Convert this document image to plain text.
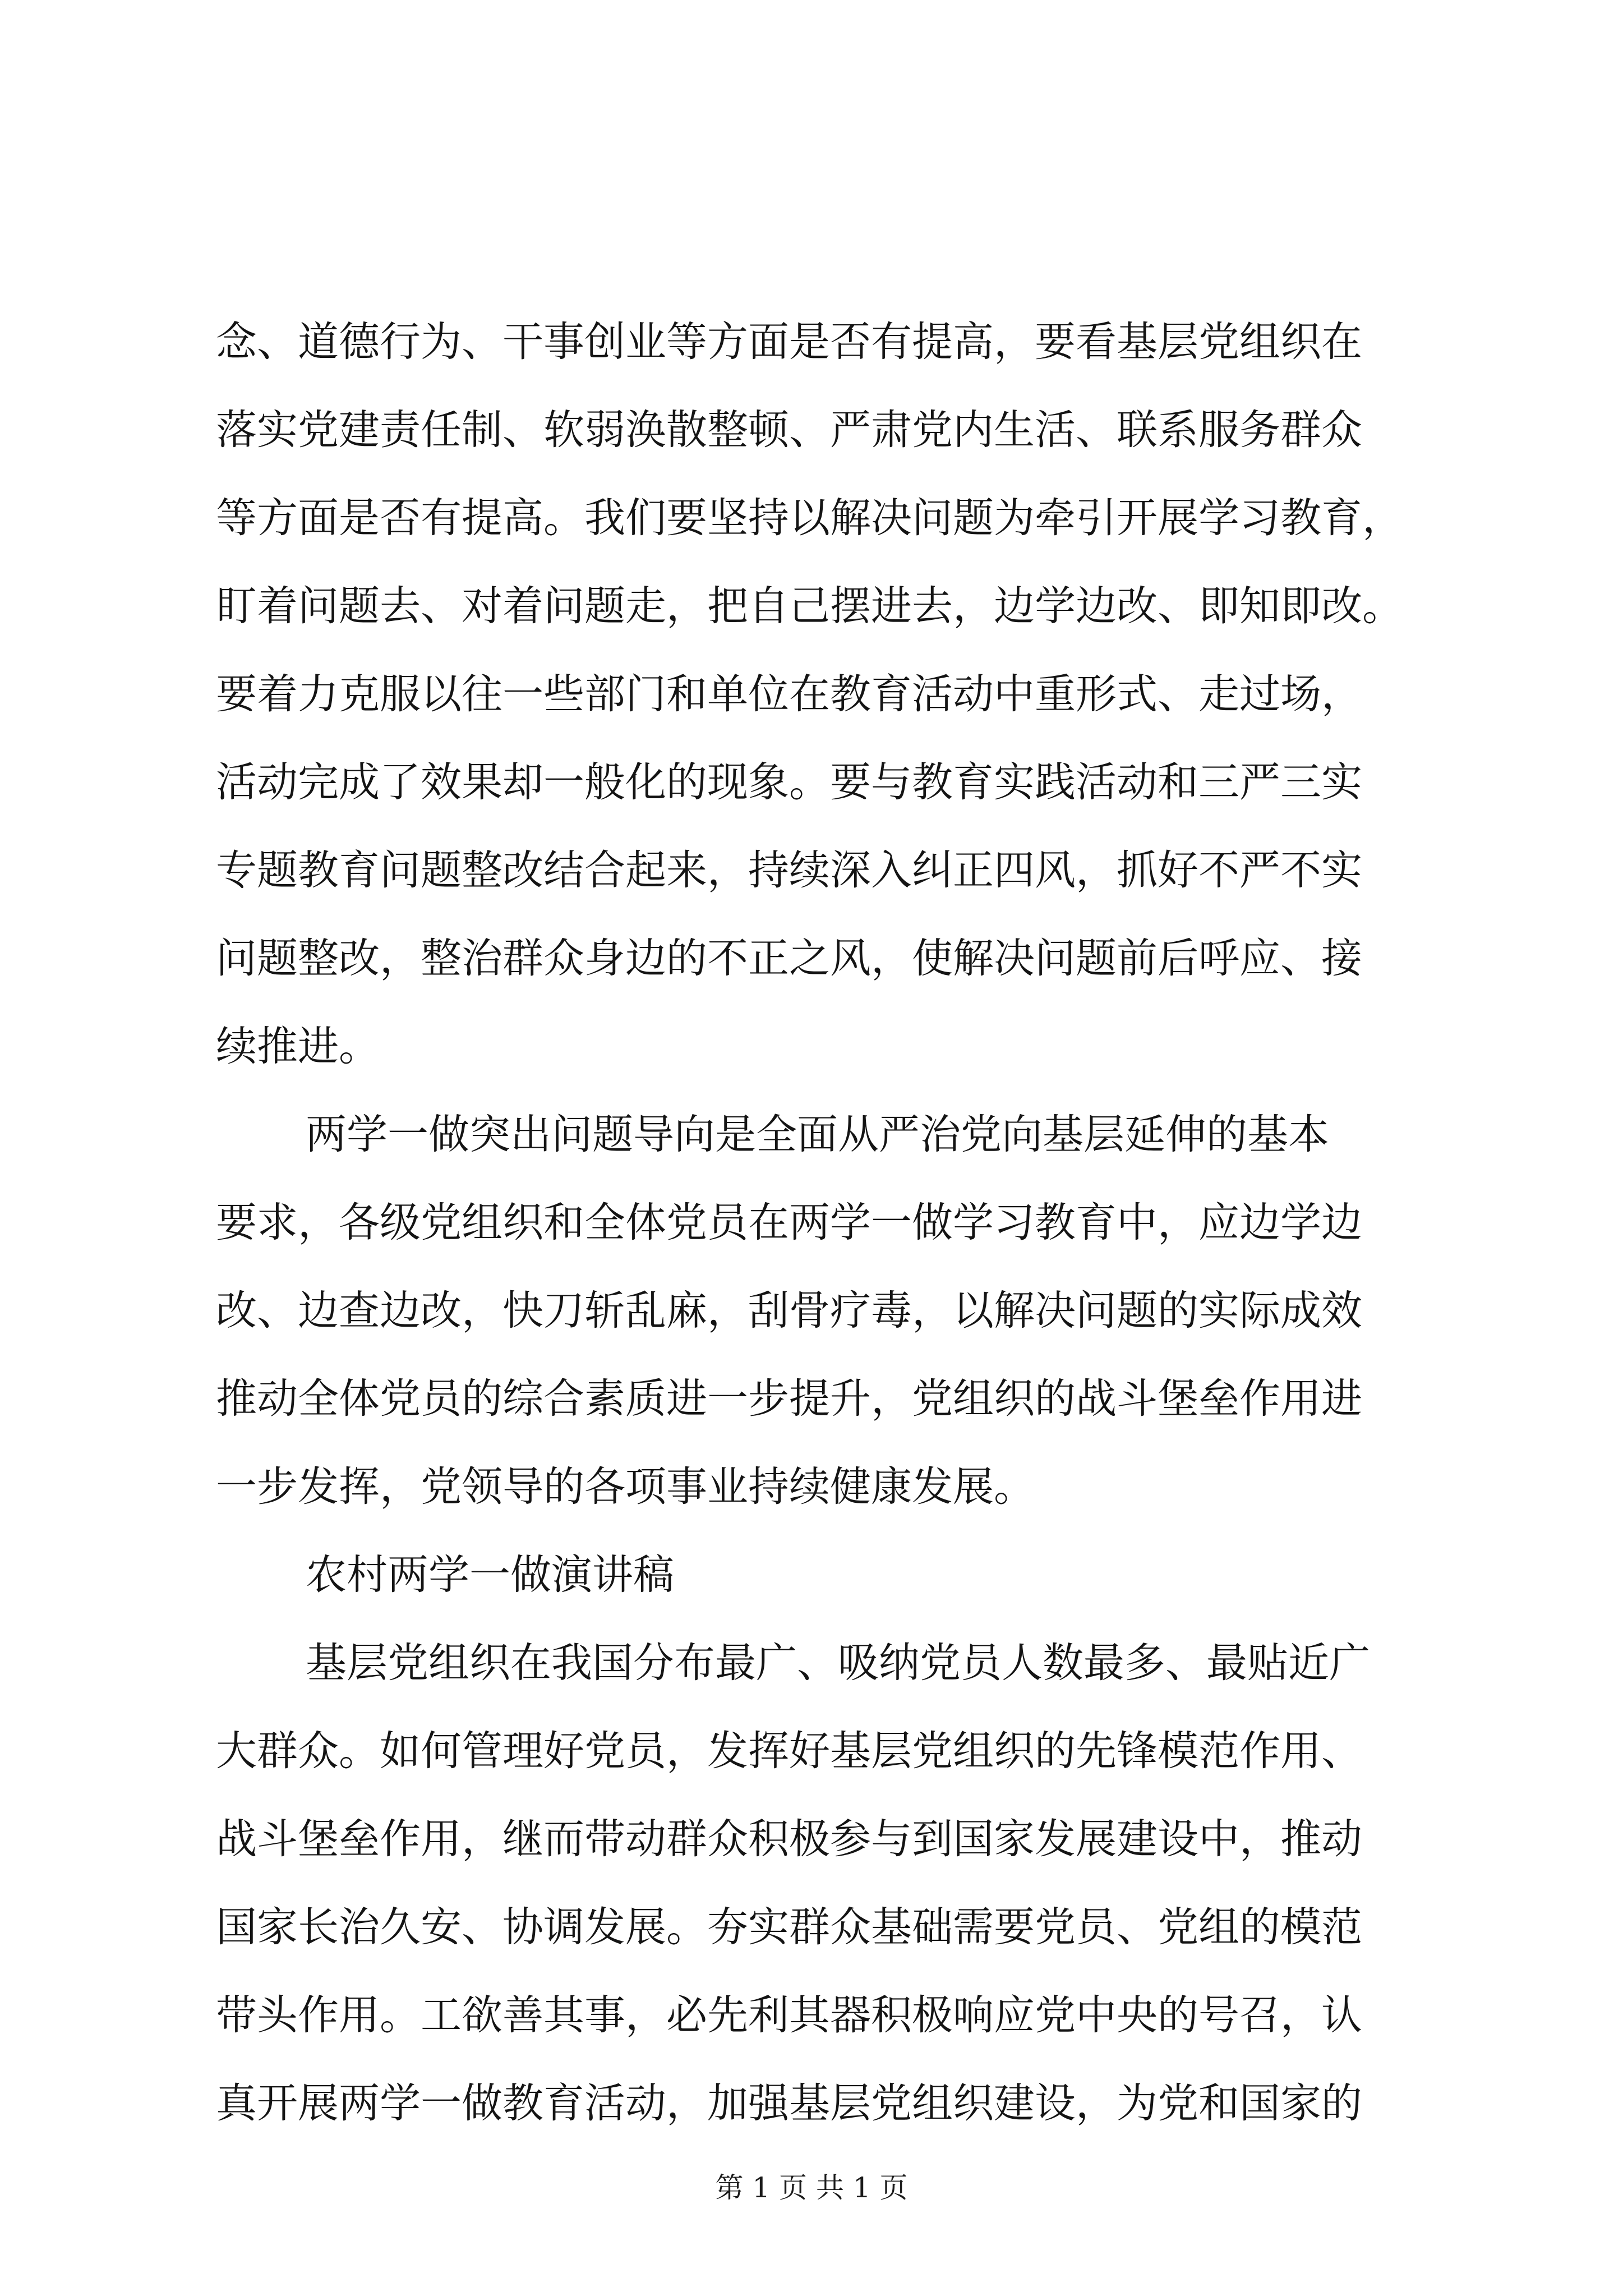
念、道德行为、干事创业等方面是否有提高，要看基层党组织在
落实党建责任制、软弱涣散整顿、严肃党内生活、联系服务群众
等方面是否有提高。我们要坚持以解决问题为牵引开展学习教育，
盯着问题去、对着问题走，把自己摆进去，边学边改、即知即改。
要着力克服以往一些部门和单位在教育活动中重形式、走过场，
活动完成了效果却一般化的现象。要与教育实践活动和三严三实
专题教育问题整改结合起来，持续深入纠正四风，抓好不严不实
问题整改，整治群众身边的不正之风，使解决问题前后呼应、接
续推进。
两学一做突出问题导向是全面从严治党向基层延伸的基本
要求，各级党组织和全体党员在两学一做学习教育中，应边学边
改、边查边改，快刀斩乱麻，刮骨疗毒，以解决问题的实际成效
推动全体党员的综合素质进一步提升，党组织的战斗堡垒作用进
一步发挥，党领导的各项事业持续健康发展。
农村两学一做演讲稿
基层党组织在我国分布最广、吸纳党员人数最多、最贴近广
大群众。如何管理好党员，发挥好基层党组织的先锋模范作用、
战斗堡垒作用，继而带动群众积极参与到国家发展建设中，推动
国家长治久安、协调发展。夯实群众基础需要党员、党组的模范
带头作用。工欲善其事，必先利其器积极响应党中央的号召，认
真开展两学一做教育活动，加强基层党组织建设，为党和国家的
第 1 页 共 1 页
